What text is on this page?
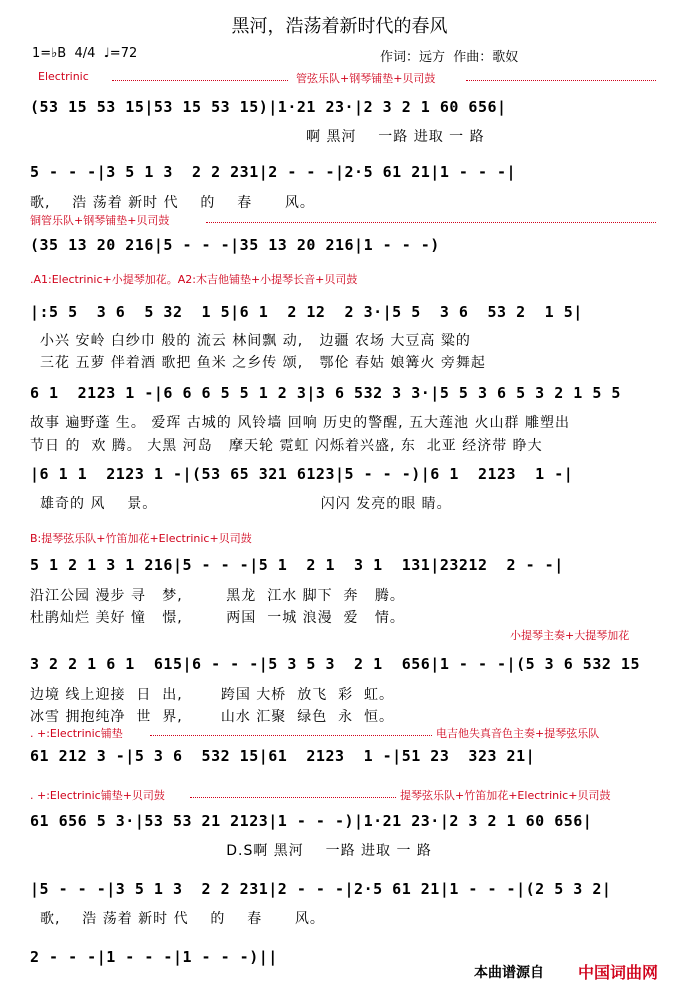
黑河，浩荡着新时代的春风
1=♭B  4/4  ♩=72	作词：远方  作曲：歌奴
Electrinic	管弦乐队+钢琴铺垫+贝司鼓
(53 15 53 15|53 15 53 15)|1·21 23·|2 3 2 1 60 656|
啊 黑河    一路 进取 一 路
5 - - -|3 5 1 3  2 2 231|2 - - -|2·5 61 21|1 - - -|
歌,    浩 荡着 新时 代    的    春      风。
铜管乐队+钢琴铺垫+贝司鼓
(35 13 20 216|5 - - -|35 13 20 216|1 - - -)
.A1:Electrinic+小提琴加花。A2:木吉他铺垫+小提琴长音+贝司鼓
|:5 5  3 6  5 32  1 5|6 1  2 12  2 3·|5 5  3 6  53 2  1 5|
小兴 安岭 白纱巾 般的 流云 林间飘 动,   边疆 农场 大豆高 粱的
三花 五萝 伴着酒 歌把 鱼米 之乡传 颂,   鄂伦 春姑 娘篝火 旁舞起
6 1  2123 1 -|6 6 6 5 5 1 2 3|3 6 532 3 3·|5 5 3 6 5 3 2 1 5 5
故事 遍野蓬 生。 爱珲 古城的 风铃墙 回响 历史的警醒, 五大莲池 火山群 雕塑出
节日 的  欢 腾。 大黑 河岛   摩天轮 霓虹 闪烁着兴盛, 东  北亚 经济带 睁大
|6 1 1  2123 1 -|(53 65 321 6123|5 - - -)|6 1  2123  1 -|
雄奇的 风    景。                              闪闪 发亮的眼 睛。
B:提琴弦乐队+竹笛加花+Electrinic+贝司鼓
5 1 2 1 3 1 216|5 - - -|5 1  2 1  3 1  131|23212  2 - -|
沿江公园 漫步 寻   梦,        黑龙  江水 脚下  奔   腾。
杜鹃灿烂 美好 憧   憬,        两国  一城 浪漫  爱   情。
小提琴主奏+大提琴加花
3 2 2 1 6 1  615|6 - - -|5 3 5 3  2 1  656|1 - - -|(5 3 6 532 15
边境 线上迎接  日  出,       跨国 大桥  放飞  彩  虹。
冰雪 拥抱纯净  世  界,       山水 汇聚  绿色  永  恒。
. +:Electrinic铺垫	电吉他失真音色主奏+提琴弦乐队
61 212 3 -|5 3 6  532 15|61  2123  1 -|51 23  323 21|
. +:Electrinic铺垫+贝司鼓	提琴弦乐队+竹笛加花+Electrinic+贝司鼓
61 656 5 3·|53 53 21 2123|1 - - -)|1·21 23·|2 3 2 1 60 656|
D.S啊 黑河    一路 进取 一 路
|5 - - -|3 5 1 3  2 2 231|2 - - -|2·5 61 21|1 - - -|(2 5 3 2|
歌,    浩 荡着 新时 代    的    春      风。
2 - - -|1 - - -|1 - - -)||
本曲谱源自 中国词曲网
